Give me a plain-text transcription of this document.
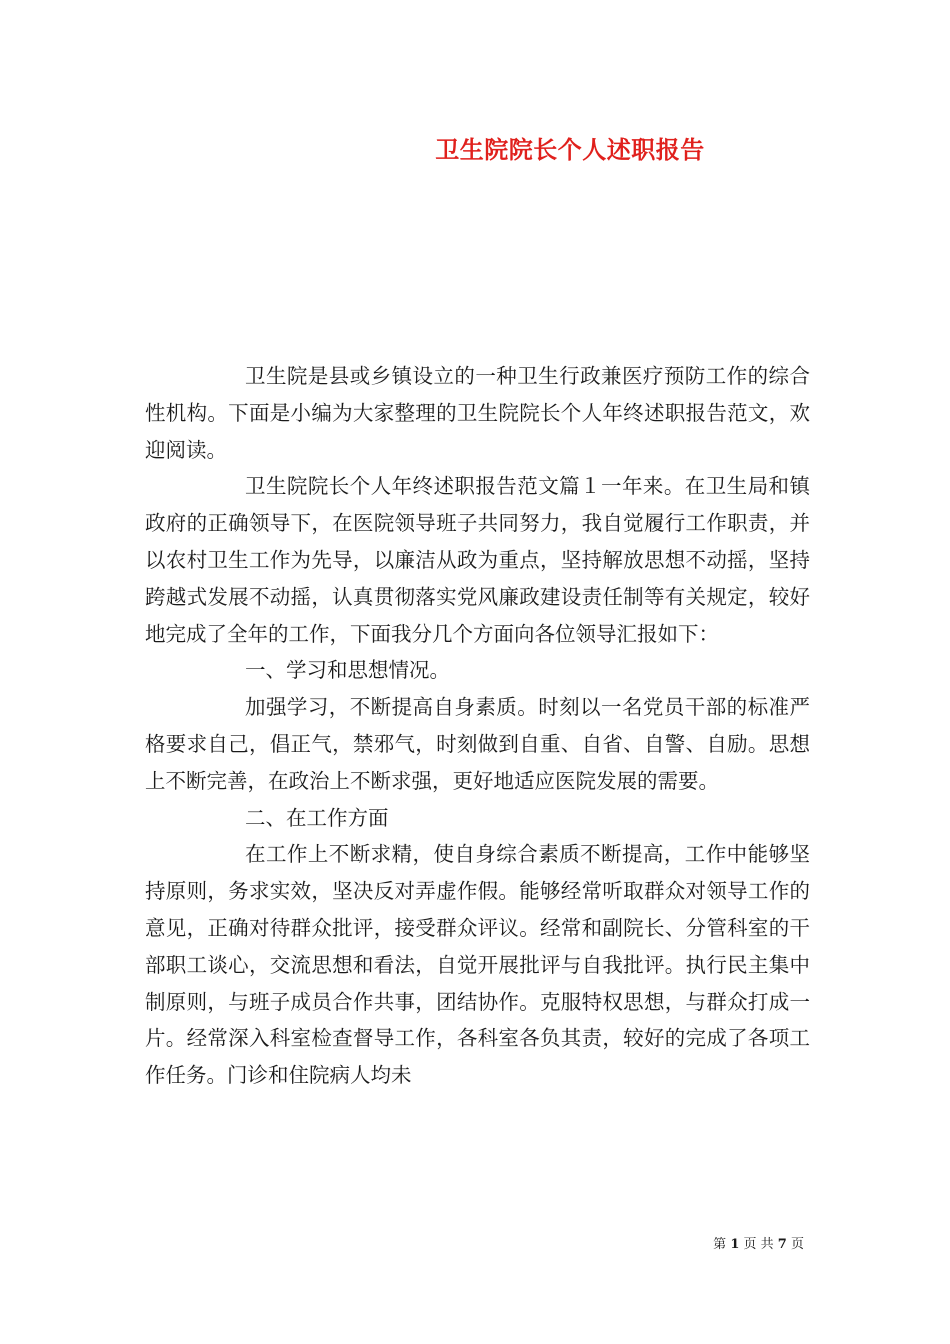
卫生院院长个人述职报告

卫生院是县或乡镇设立的一种卫生行政兼医疗预防工作的综合性机构。下面是小编为大家整理的卫生院院长个人年终述职报告范文，欢迎阅读。

卫生院院长个人年终述职报告范文篇１一年来。在卫生局和镇政府的正确领导下，在医院领导班子共同努力，我自觉履行工作职责，并以农村卫生工作为先导，以廉洁从政为重点，坚持解放思想不动摇，坚持跨越式发展不动摇，认真贯彻落实党风廉政建设责任制等有关规定，较好地完成了全年的工作，下面我分几个方面向各位领导汇报如下：

一、学习和思想情况。

加强学习，不断提高自身素质。时刻以一名党员干部的标准严格要求自己，倡正气，禁邪气，时刻做到自重、自省、自警、自励。思想上不断完善，在政治上不断求强，更好地适应医院发展的需要。

二、在工作方面

在工作上不断求精，使自身综合素质不断提高，工作中能够坚持原则，务求实效，坚决反对弄虚作假。能够经常听取群众对领导工作的意见，正确对待群众批评，接受群众评议。经常和副院长、分管科室的干部职工谈心，交流思想和看法，自觉开展批评与自我批评。执行民主集中制原则，与班子成员合作共事，团结协作。克服特权思想，与群众打成一片。经常深入科室检查督导工作，各科室各负其责，较好的完成了各项工作任务。门诊和住院病人均未

第 1 页 共 7 页
